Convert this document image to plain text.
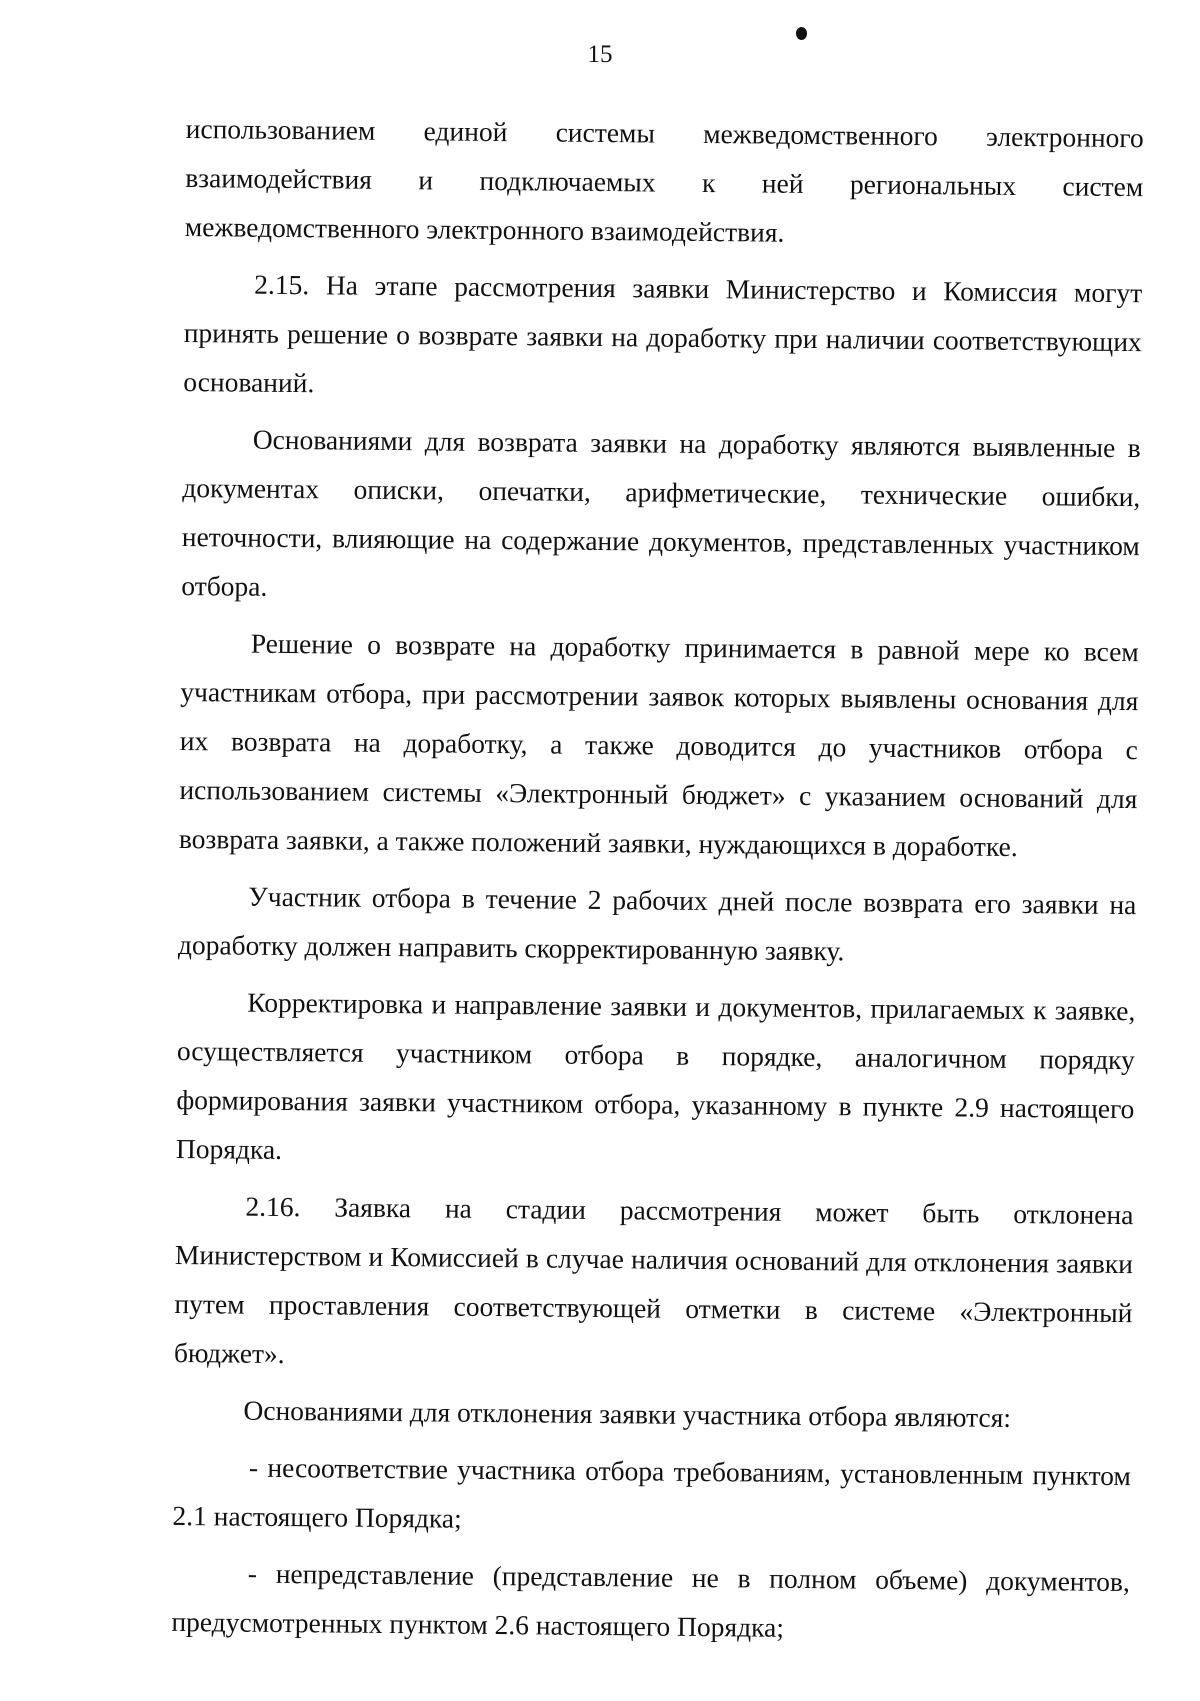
15

использованием единой системы межведомственного электронного взаимодействия и подключаемых к ней региональных систем межведомственного электронного взаимодействия.

2.15. На этапе рассмотрения заявки Министерство и Комиссия могут принять решение о возврате заявки на доработку при наличии соответствующих оснований.

Основаниями для возврата заявки на доработку являются выявленные в документах описки, опечатки, арифметические, технические ошибки, неточности, влияющие на содержание документов, представленных участником отбора.

Решение о возврате на доработку принимается в равной мере ко всем участникам отбора, при рассмотрении заявок которых выявлены основания для их возврата на доработку, а также доводится до участников отбора с использованием системы «Электронный бюджет» с указанием оснований для возврата заявки, а также положений заявки, нуждающихся в доработке.

Участник отбора в течение 2 рабочих дней после возврата его заявки на доработку должен направить скорректированную заявку.

Корректировка и направление заявки и документов, прилагаемых к заявке, осуществляется участником отбора в порядке, аналогичном порядку формирования заявки участником отбора, указанному в пункте 2.9 настоящего Порядка.

2.16. Заявка на стадии рассмотрения может быть отклонена Министерством и Комиссией в случае наличия оснований для отклонения заявки путем проставления соответствующей отметки в системе «Электронный бюджет».

Основаниями для отклонения заявки участника отбора являются:

- несоответствие участника отбора требованиям, установленным пунктом 2.1 настоящего Порядка;

- непредставление (представление не в полном объеме) документов, предусмотренных пунктом 2.6 настоящего Порядка;
